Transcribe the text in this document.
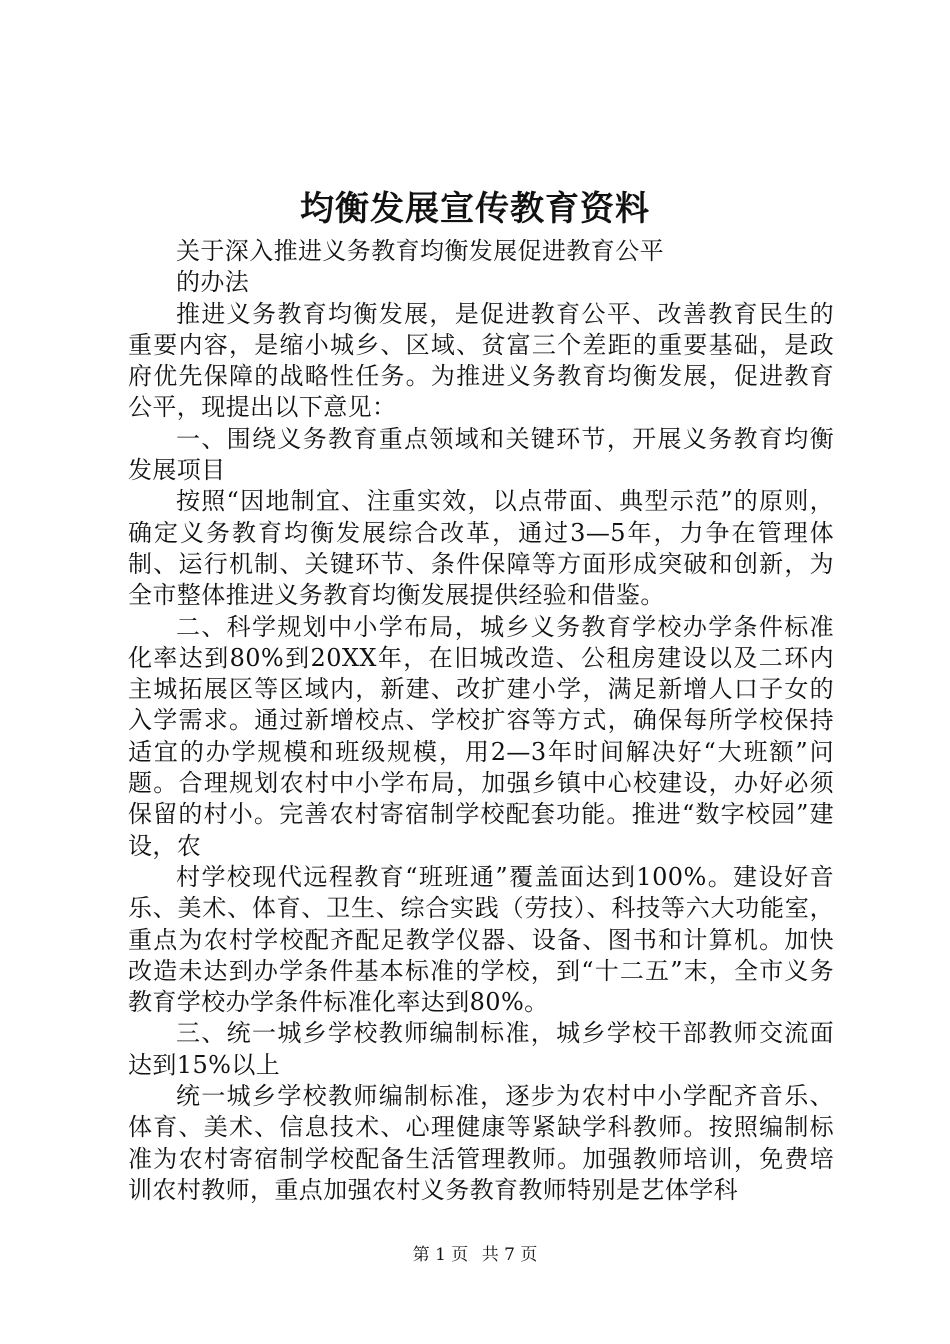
均衡发展宣传教育资料

关于深入推进义务教育均衡发展促进教育公平

的办法

推进义务教育均衡发展，是促进教育公平、改善教育民生的重要内容，是缩小城乡、区域、贫富三个差距的重要基础，是政府优先保障的战略性任务。为推进义务教育均衡发展，促进教育公平，现提出以下意见：

一、围绕义务教育重点领域和关键环节，开展义务教育均衡发展项目

按照“因地制宜、注重实效，以点带面、典型示范”的原则，确定义务教育均衡发展综合改革，通过3—5年，力争在管理体制、运行机制、关键环节、条件保障等方面形成突破和创新，为全市整体推进义务教育均衡发展提供经验和借鉴。

二、科学规划中小学布局，城乡义务教育学校办学条件标准化率达到80%到20XX年，在旧城改造、公租房建设以及二环内主城拓展区等区域内，新建、改扩建小学，满足新增人口子女的入学需求。通过新增校点、学校扩容等方式，确保每所学校保持适宜的办学规模和班级规模，用2—3年时间解决好“大班额”问题。合理规划农村中小学布局，加强乡镇中心校建设，办好必须保留的村小。完善农村寄宿制学校配套功能。推进“数字校园”建设，农

村学校现代远程教育“班班通”覆盖面达到100%。建设好音乐、美术、体育、卫生、综合实践（劳技）、科技等六大功能室，重点为农村学校配齐配足教学仪器、设备、图书和计算机。加快改造未达到办学条件基本标准的学校，到“十二五”末，全市义务教育学校办学条件标准化率达到80%。

三、统一城乡学校教师编制标准，城乡学校干部教师交流面达到15%以上

统一城乡学校教师编制标准，逐步为农村中小学配齐音乐、体育、美术、信息技术、心理健康等紧缺学科教师。按照编制标准为农村寄宿制学校配备生活管理教师。加强教师培训，免费培训农村教师，重点加强农村义务教育教师特别是艺体学科

第 1 页 共 7 页
